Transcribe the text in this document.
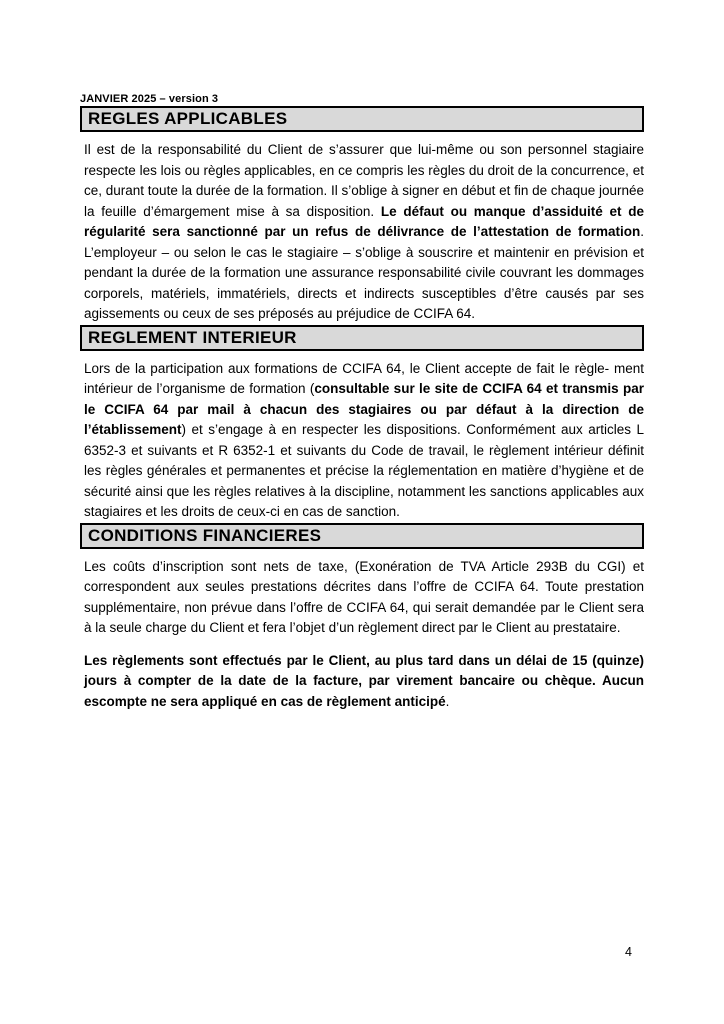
JANVIER 2025 – version 3
REGLES APPLICABLES

Il est de la responsabilité du Client de s’assurer que lui-même ou son personnel stagiaire respecte les lois ou règles applicables, en ce compris les règles du droit de la concurrence, et ce, durant toute la durée de la formation. Il s’oblige à signer en début et fin de chaque journée la feuille d’émargement mise à sa disposition. Le défaut ou manque d’assiduité et de régularité sera sanctionné par un refus de délivrance de l’attestation de formation. L’employeur – ou selon le cas le stagiaire – s’oblige à souscrire et maintenir en prévision et pendant la durée de la formation une assurance responsabilité civile couvrant les dommages corporels, matériels, immatériels, directs et indirects susceptibles d’être causés par ses agissements ou ceux de ses préposés au préjudice de CCIFA 64.

REGLEMENT INTERIEUR

Lors de la participation aux formations de CCIFA 64, le Client accepte de fait le règle- ment intérieur de l’organisme de formation (consultable sur le site de CCIFA 64 et transmis par le CCIFA 64 par mail à chacun des stagiaires ou par défaut à la direction de l’établissement) et s’engage à en respecter les dispositions. Conformément aux articles L 6352-3 et suivants et R 6352-1 et suivants du Code de travail, le règlement intérieur définit les règles générales et permanentes et précise la réglementation en matière d’hygiène et de sécurité ainsi que les règles relatives à la discipline, notamment les sanctions applicables aux stagiaires et les droits de ceux-ci en cas de sanction.

CONDITIONS FINANCIERES

Les coûts d’inscription sont nets de taxe, (Exonération de TVA Article 293B du CGI) et correspondent aux seules prestations décrites dans l’offre de CCIFA 64. Toute prestation supplémentaire, non prévue dans l’offre de CCIFA 64, qui serait demandée par le Client sera à la seule charge du Client et fera l’objet d’un règlement direct par le Client au prestataire.

Les règlements sont effectués par le Client, au plus tard dans un délai de 15 (quinze) jours à compter de la date de la facture, par virement bancaire ou chèque. Aucun escompte ne sera appliqué en cas de règlement anticipé.

4
